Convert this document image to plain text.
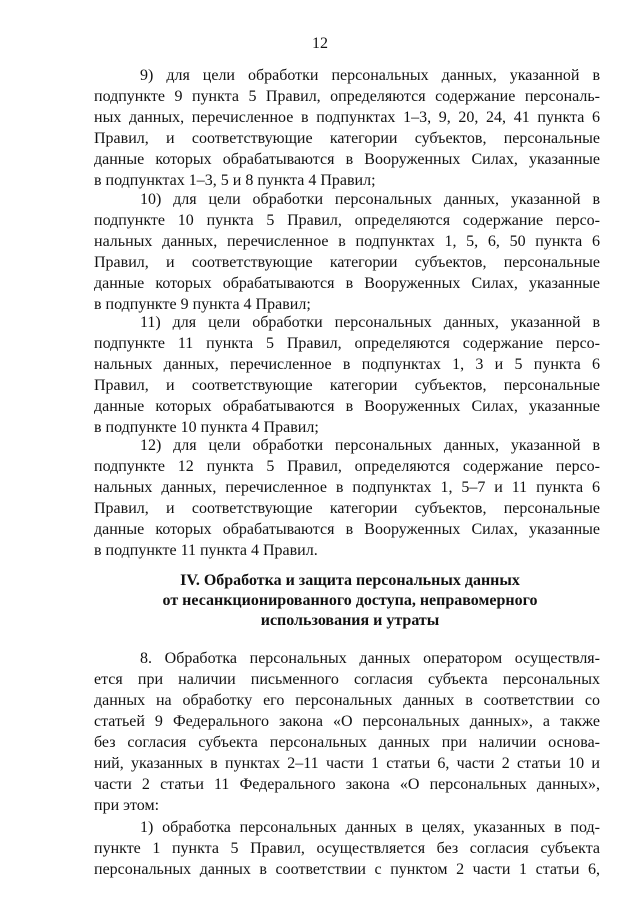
12
9) для цели обработки персональных данных, указанной в
подпункте 9 пункта 5 Правил, определяются содержание персональ-
ных данных, перечисленное в подпунктах 1–3, 9, 20, 24, 41 пункта 6
Правил, и соответствующие категории субъектов, персональные
данные которых обрабатываются в Вооруженных Силах, указанные
в подпунктах 1–3, 5 и 8 пункта 4 Правил;
10) для цели обработки персональных данных, указанной в
подпункте 10 пункта 5 Правил, определяются содержание персо-
нальных данных, перечисленное в подпунктах 1, 5, 6, 50 пункта 6
Правил, и соответствующие категории субъектов, персональные
данные которых обрабатываются в Вооруженных Силах, указанные
в подпункте 9 пункта 4 Правил;
11) для цели обработки персональных данных, указанной в
подпункте 11 пункта 5 Правил, определяются содержание персо-
нальных данных, перечисленное в подпунктах 1, 3 и 5 пункта 6
Правил, и соответствующие категории субъектов, персональные
данные которых обрабатываются в Вооруженных Силах, указанные
в подпункте 10 пункта 4 Правил;
12) для цели обработки персональных данных, указанной в
подпункте 12 пункта 5 Правил, определяются содержание персо-
нальных данных, перечисленное в подпунктах 1, 5–7 и 11 пункта 6
Правил, и соответствующие категории субъектов, персональные
данные которых обрабатываются в Вооруженных Силах, указанные
в подпункте 11 пункта 4 Правил.
IV. Обработка и защита персональных данных
от несанкционированного доступа, неправомерного
использования и утраты
8. Обработка персональных данных оператором осуществля-
ется при наличии письменного согласия субъекта персональных
данных на обработку его персональных данных в соответствии со
статьей 9 Федерального закона «О персональных данных», а также
без согласия субъекта персональных данных при наличии основа-
ний, указанных в пунктах 2–11 части 1 статьи 6, части 2 статьи 10 и
части 2 статьи 11 Федерального закона «О персональных данных»,
при этом:
1) обработка персональных данных в целях, указанных в под-
пункте 1 пункта 5 Правил, осуществляется без согласия субъекта
персональных данных в соответствии с пунктом 2 части 1 статьи 6,
